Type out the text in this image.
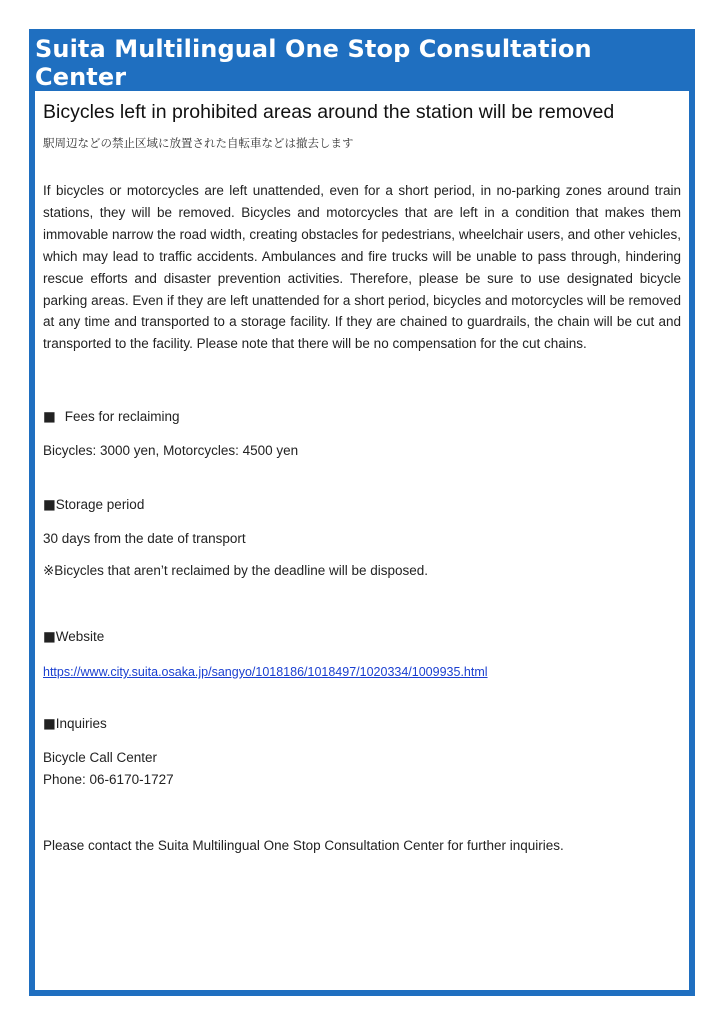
Suita Multilingual One Stop Consultation Center
Bicycles left in prohibited areas around the station will be removed
駅周辺などの禁止区域に放置された自転車などは撤去します

If bicycles or motorcycles are left unattended, even for a short period, in no-parking zones around train stations, they will be removed. Bicycles and motorcycles that are left in a condition that makes them immovable narrow the road width, creating obstacles for pedestrians, wheelchair users, and other vehicles, which may lead to traffic accidents. Ambulances and fire trucks will be unable to pass through, hindering rescue efforts and disaster prevention activities. Therefore, please be sure to use designated bicycle parking areas. Even if they are left unattended for a short period, bicycles and motorcycles will be removed at any time and transported to a storage facility. If they are chained to guardrails, the chain will be cut and transported to the facility. Please note that there will be no compensation for the cut chains.

■ Fees for reclaiming
Bicycles: 3000 yen, Motorcycles: 4500 yen
■Storage period
30 days from the date of transport
※Bicycles that aren’t reclaimed by the deadline will be disposed.
■Website
https://www.city.suita.osaka.jp/sangyo/1018186/1018497/1020334/1009935.html
■Inquiries
Bicycle Call Center
Phone: 06-6170-1727
Please contact the Suita Multilingual One Stop Consultation Center for further inquiries.
